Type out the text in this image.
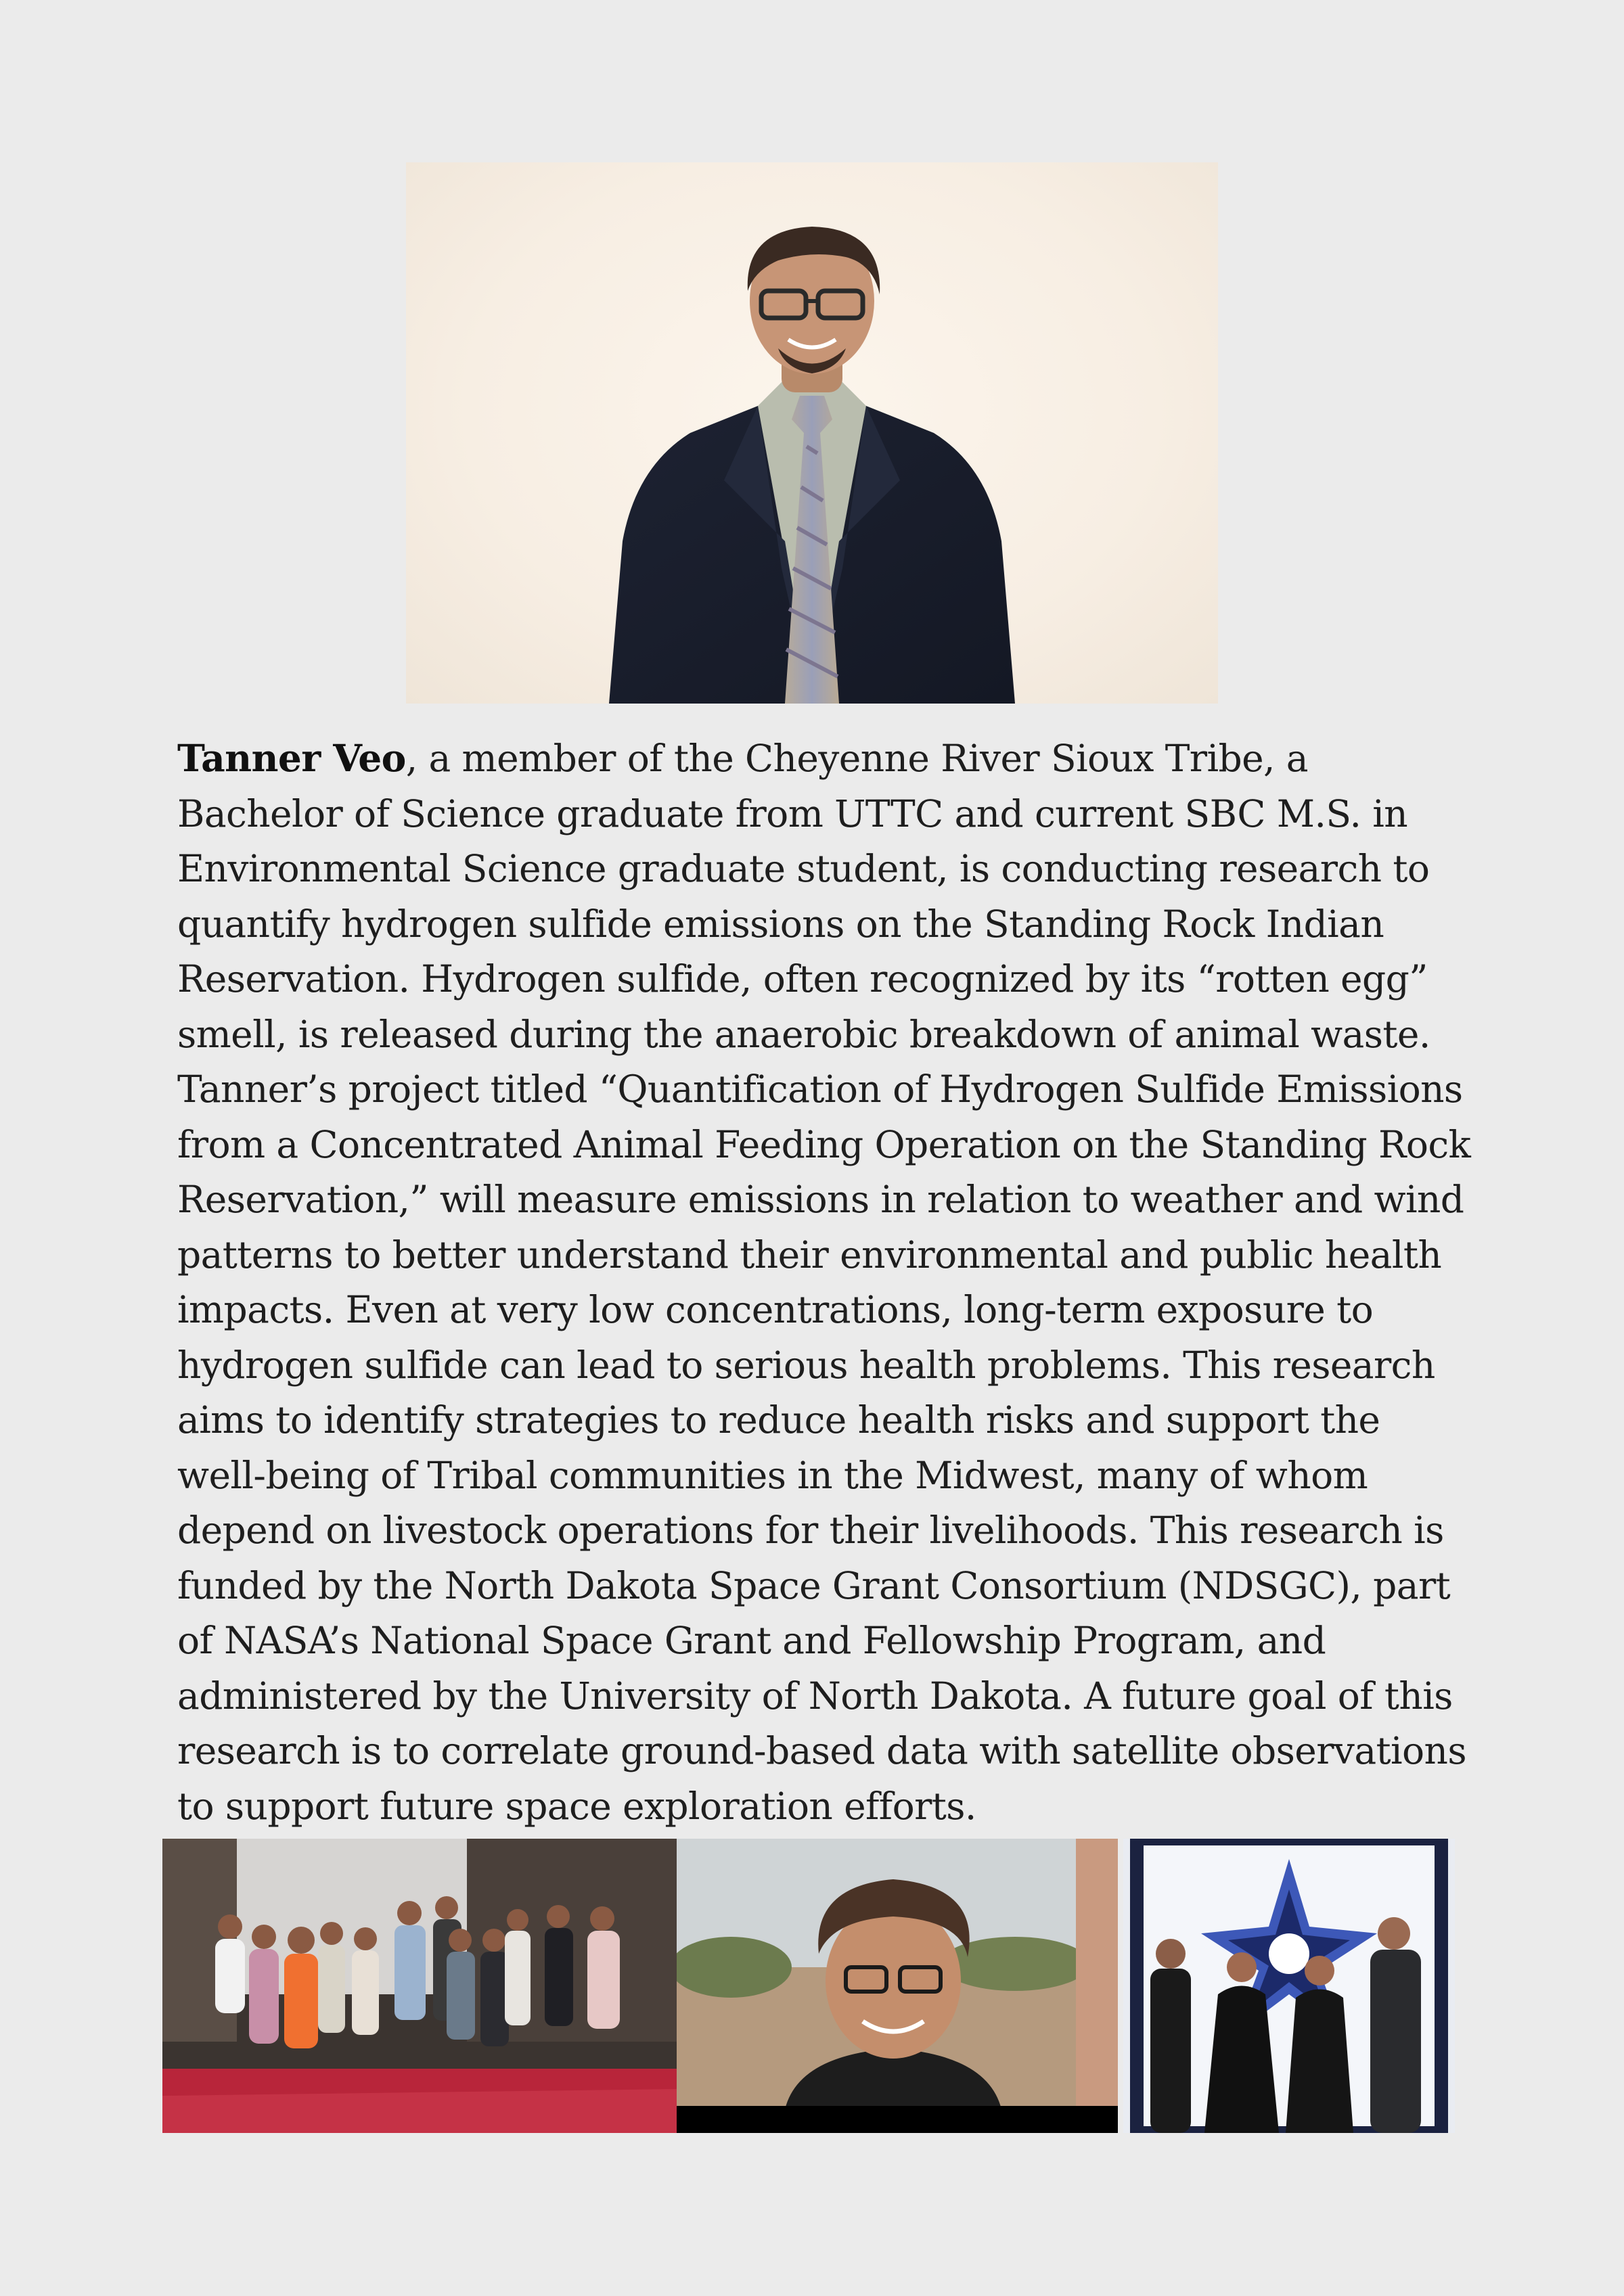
Tanner Veo, a member of the Cheyenne River Sioux Tribe, a Bachelor of Science graduate from UTTC and current SBC M.S. in Environmental Science graduate student, is conducting research to quantify hydrogen sulfide emissions on the Standing Rock Indian Reservation. Hydrogen sulfide, often recognized by its “rotten egg” smell, is released during the anaerobic breakdown of animal waste. Tanner’s project titled “Quantification of Hydrogen Sulfide Emissions from a Concentrated Animal Feeding Operation on the Standing Rock Reservation,” will measure emissions in relation to weather and wind patterns to better understand their environmental and public health impacts. Even at very low concentrations, long-term exposure to hydrogen sulfide can lead to serious health problems. This research aims to identify strategies to reduce health risks and support the well-being of Tribal communities in the Midwest, many of whom depend on livestock operations for their livelihoods. This research is funded by the North Dakota Space Grant Consortium (NDSGC), part of NASA’s National Space Grant and Fellowship Program, and administered by the University of North Dakota. A future goal of this research is to correlate ground-based data with satellite observations to support future space exploration efforts.
